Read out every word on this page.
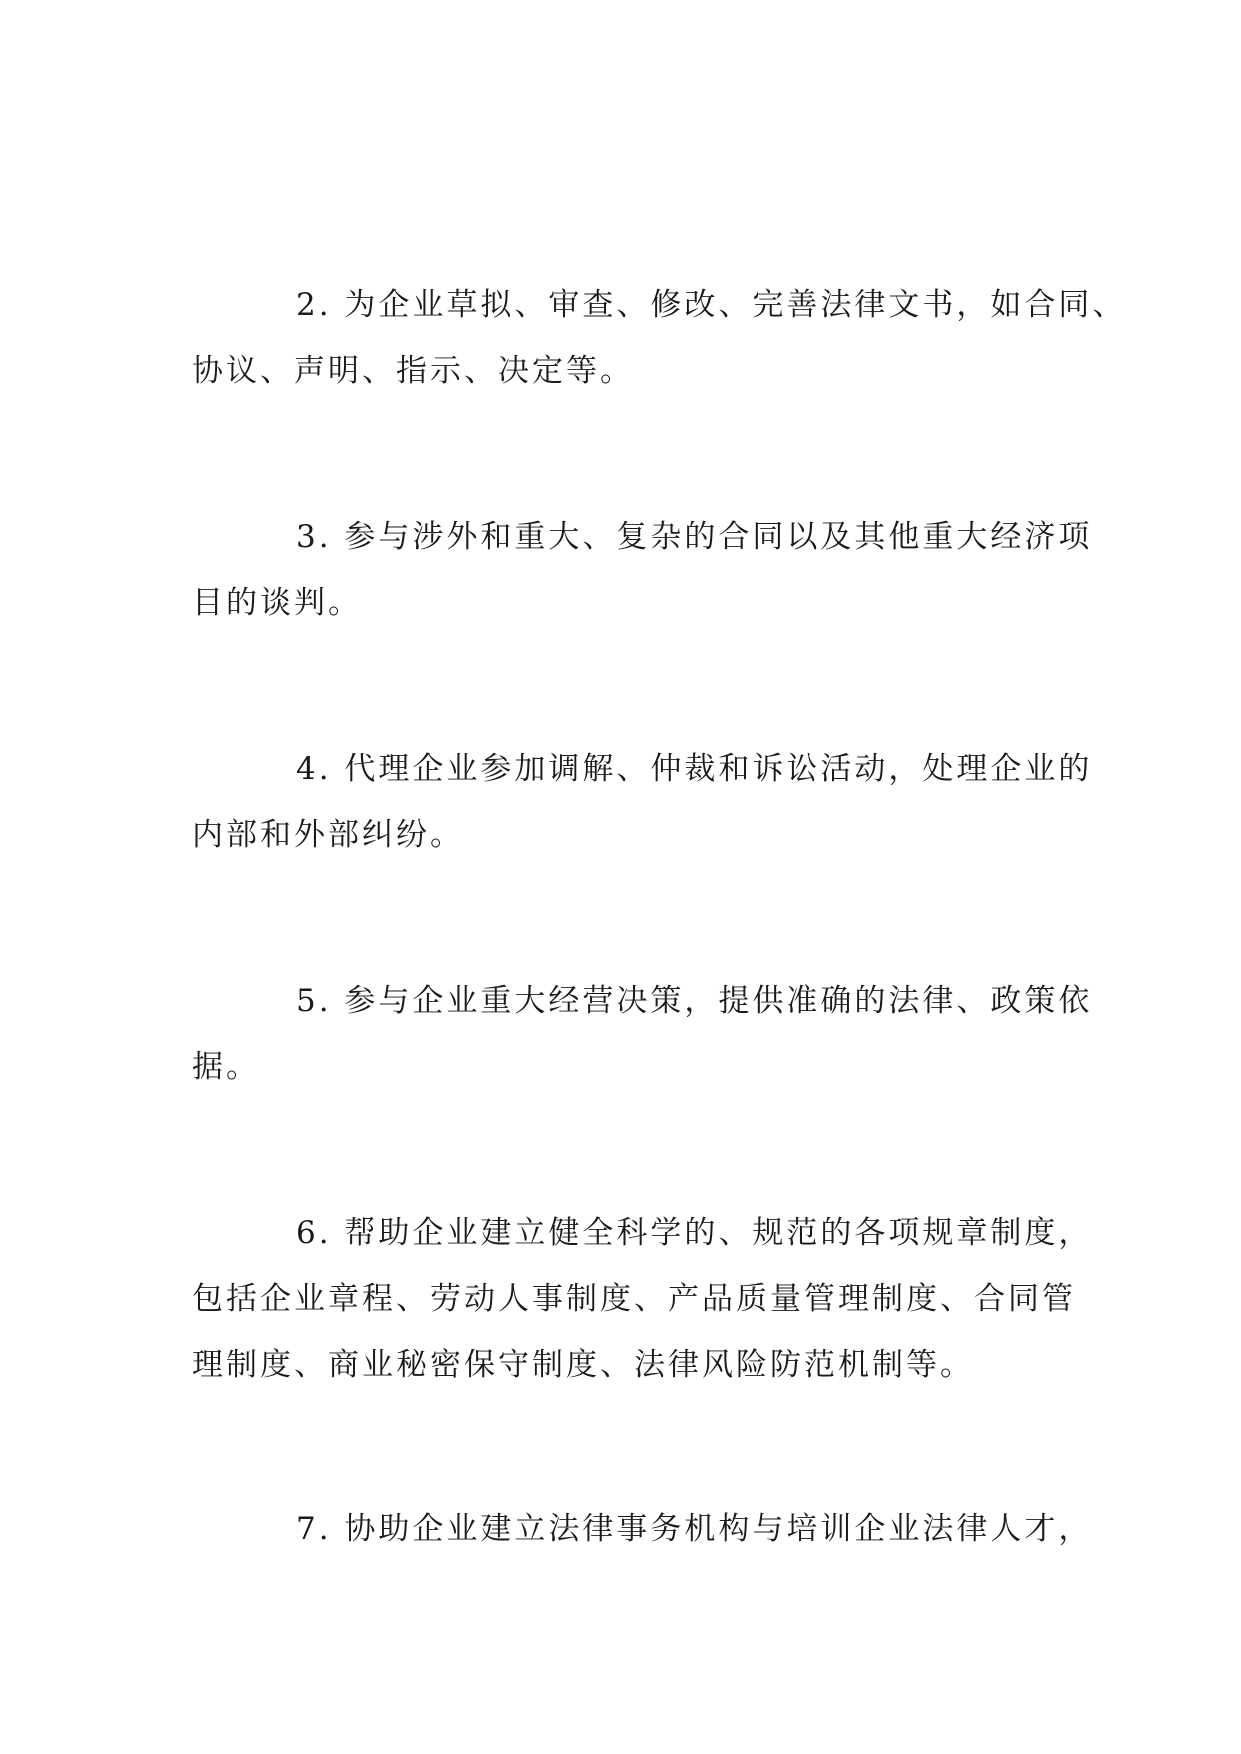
2. 为企业草拟、审查、修改、完善法律文书，如合同、
协议、声明、指示、决定等。
3. 参与涉外和重大、复杂的合同以及其他重大经济项
目的谈判。
4. 代理企业参加调解、仲裁和诉讼活动，处理企业的
内部和外部纠纷。
5. 参与企业重大经营决策，提供准确的法律、政策依
据。
6. 帮助企业建立健全科学的、规范的各项规章制度，
包括企业章程、劳动人事制度、产品质量管理制度、合同管
理制度、商业秘密保守制度、法律风险防范机制等。
7. 协助企业建立法律事务机构与培训企业法律人才，
